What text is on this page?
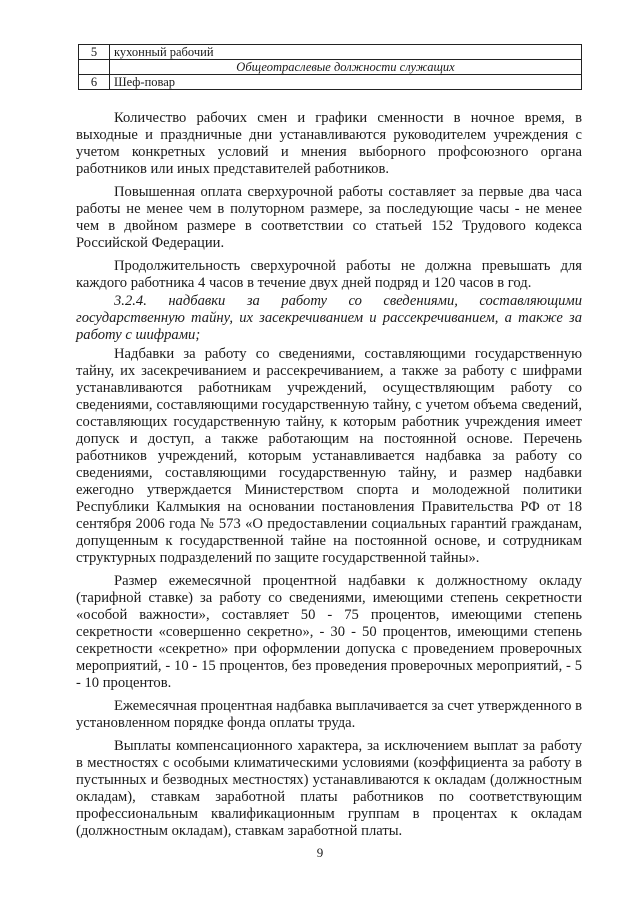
5	кухонный рабочий
	Общеотраслевые должности служащих
6	Шеф-повар

Количество рабочих смен и графики сменности в ночное время, в выходные и праздничные дни устанавливаются руководителем учреждения с учетом конкретных условий и мнения выборного профсоюзного органа работников или иных представителей работников.

Повышенная оплата сверхурочной работы составляет за первые два часа работы не менее чем в полуторном размере, за последующие часы - не менее чем в двойном размере в соответствии со статьей 152 Трудового кодекса Российской Федерации.

Продолжительность сверхурочной работы не должна превышать для каждого работника 4 часов в течение двух дней подряд и 120 часов в год.

3.2.4. надбавки за работу со сведениями, составляющими государственную тайну, их засекречиванием и рассекречиванием, а также за работу с шифрами;

Надбавки за работу со сведениями, составляющими государственную тайну, их засекречиванием и рассекречиванием, а также за работу с шифрами устанавливаются работникам учреждений, осуществляющим работу со сведениями, составляющими государственную тайну, с учетом объема сведений, составляющих государственную тайну, к которым работник учреждения имеет допуск и доступ, а также работающим на постоянной основе. Перечень работников учреждений, которым устанавливается надбавка за работу со сведениями, составляющими государственную тайну, и размер надбавки ежегодно утверждается Министерством спорта и молодежной политики Республики Калмыкия на основании постановления Правительства РФ от 18 сентября 2006 года № 573 «О предоставлении социальных гарантий гражданам, допущенным к государственной тайне на постоянной основе, и сотрудникам структурных подразделений по защите государственной тайны».

Размер ежемесячной процентной надбавки к должностному окладу (тарифной ставке) за работу со сведениями, имеющими степень секретности «особой важности», составляет 50 - 75 процентов, имеющими степень секретности «совершенно секретно», - 30 - 50 процентов, имеющими степень секретности «секретно» при оформлении допуска с проведением проверочных мероприятий, - 10 - 15 процентов, без проведения проверочных мероприятий, - 5 - 10 процентов.

Ежемесячная процентная надбавка выплачивается за счет утвержденного в установленном порядке фонда оплаты труда.

Выплаты компенсационного характера, за исключением выплат за работу в местностях с особыми климатическими условиями (коэффициента за работу в пустынных и безводных местностях) устанавливаются к окладам (должностным окладам), ставкам заработной платы работников по соответствующим профессиональным квалификационным группам в процентах к окладам (должностным окладам), ставкам заработной платы.

9
